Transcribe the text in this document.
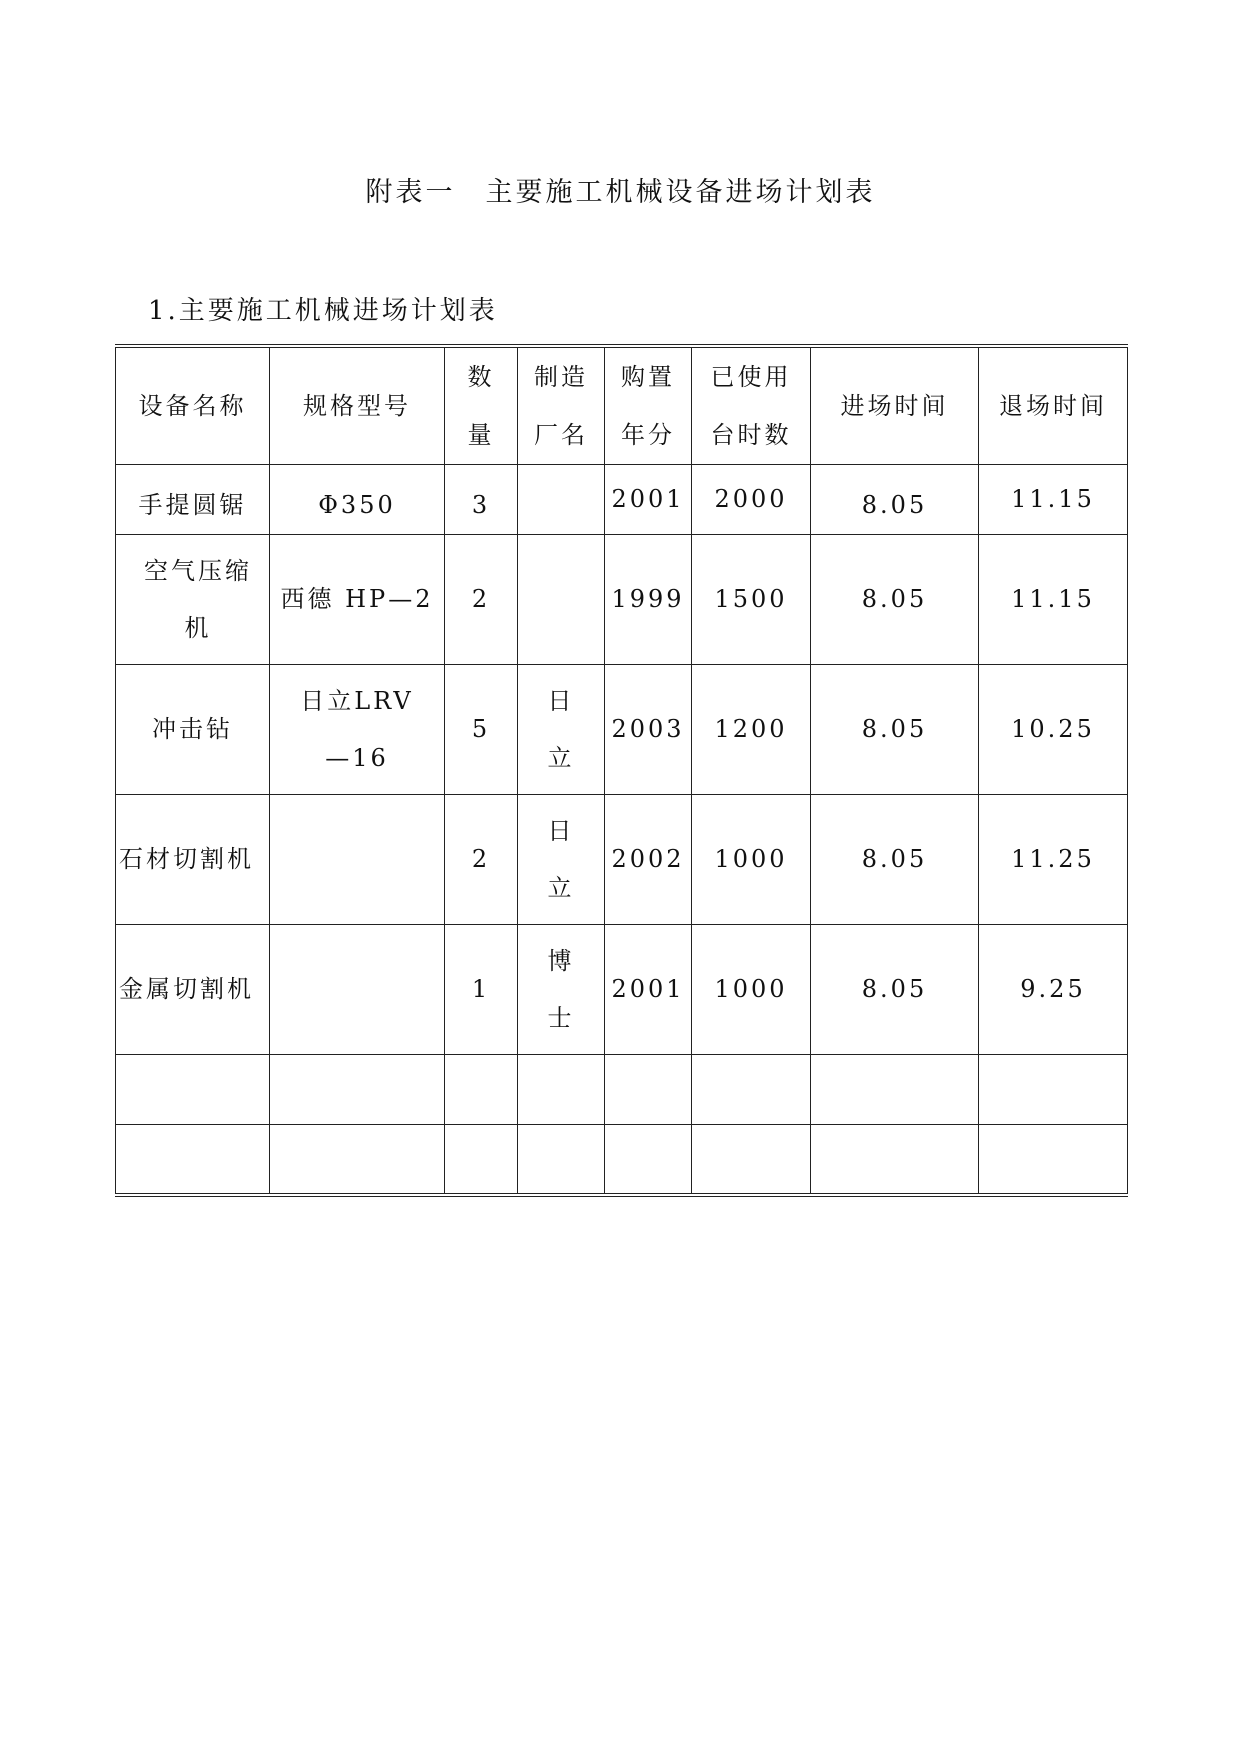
附表一　主要施工机械设备进场计划表
1.主要施工机械进场计划表
设备名称	规格型号	数量	制造厂名	购置年分	已使用台时数	进场时间	退场时间
手提圆锯	Φ350	3		2001	2000	8.05	11.15
空气压缩机	西德 HP—2	2		1999	1500	8.05	11.15
冲击钻	日立LRV—16	5	日立	2003	1200	8.05	10.25
石材切割机		2	日立	2002	1000	8.05	11.25
金属切割机		1	博士	2001	1000	8.05	9.25
